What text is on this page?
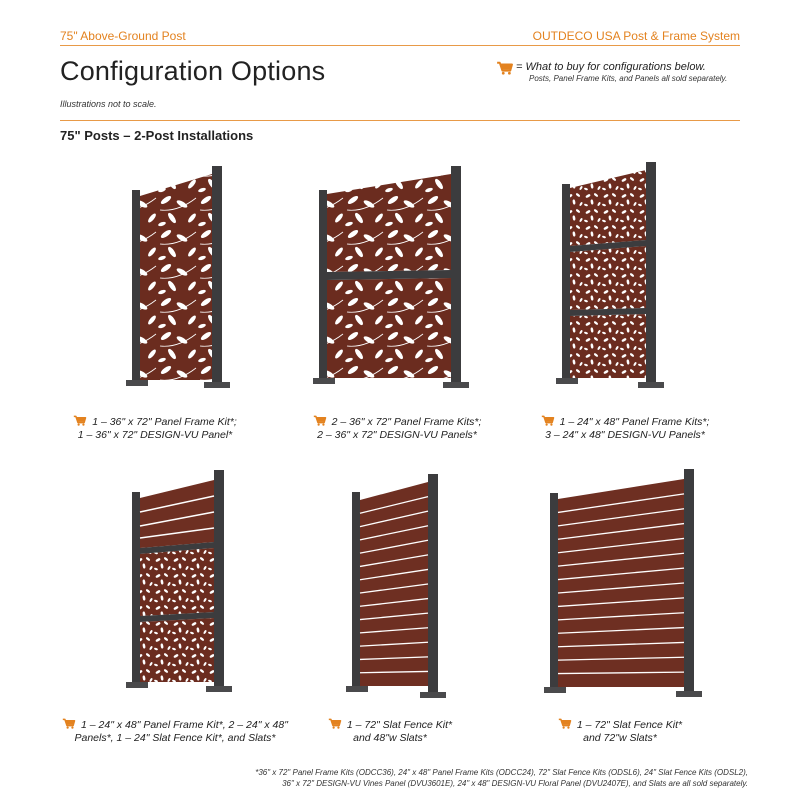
75" Above-Ground Post	OUTDECO USA Post & Frame System
Configuration Options
Illustrations not to scale.
= What to buy for configurations below.
Posts, Panel Frame Kits, and Panels all sold separately.
75" Posts – 2-Post Installations
1 – 36" x 72" Panel Frame Kit*;
1 – 36" x 72" DESIGN-VU Panel*
2 – 36" x 72" Panel Frame Kits*;
2 – 36" x 72" DESIGN-VU Panels*
1 – 24" x 48" Panel Frame Kits*;
3 – 24" x 48" DESIGN-VU Panels*
1 – 24" x 48" Panel Frame Kit*, 2 – 24" x 48"
Panels*, 1 – 24" Slat Fence Kit*, and Slats*
1 – 72" Slat Fence Kit*
and 48"w Slats*
1 – 72" Slat Fence Kit*
and 72"w Slats*
*36" x 72" Panel Frame Kits (ODCC36), 24" x 48" Panel Frame Kits (ODCC24), 72" Slat Fence Kits (ODSL6), 24" Slat Fence Kits (ODSL2),
36" x 72" DESIGN-VU Vines Panel (DVU3601E), 24" x 48" DESIGN-VU Floral Panel (DVU2407E), and Slats are all sold separately.
